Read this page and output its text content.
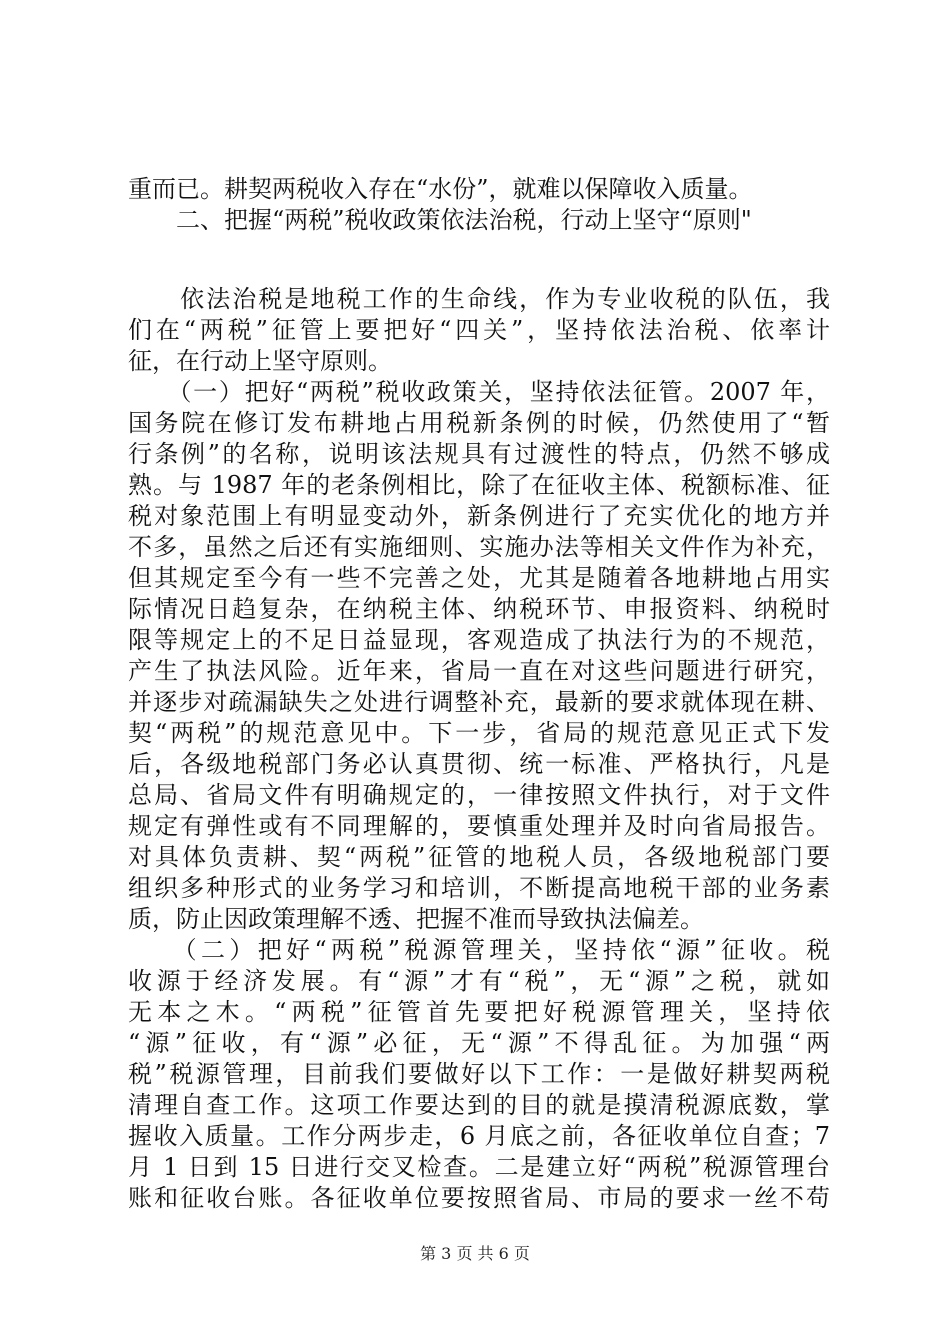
重而已。耕契两税收入存在“水份”，就难以保障收入质量。
　　二、把握“两税”税收政策依法治税，行动上坚守“原则"
　　依法治税是地税工作的生命线，作为专业收税的队伍，我
们在“两税”征管上要把好“四关”，坚持依法治税、依率计
征，在行动上坚守原则。
　　（一）把好“两税”税收政策关，坚持依法征管。2007 年，
国务院在修订发布耕地占用税新条例的时候，仍然使用了“暂
行条例”的名称，说明该法规具有过渡性的特点，仍然不够成
熟。与 1987 年的老条例相比，除了在征收主体、税额标准、征
税对象范围上有明显变动外，新条例进行了充实优化的地方并
不多，虽然之后还有实施细则、实施办法等相关文件作为补充，
但其规定至今有一些不完善之处，尤其是随着各地耕地占用实
际情况日趋复杂，在纳税主体、纳税环节、申报资料、纳税时
限等规定上的不足日益显现，客观造成了执法行为的不规范，
产生了执法风险。近年来，省局一直在对这些问题进行研究，
并逐步对疏漏缺失之处进行调整补充，最新的要求就体现在耕、
契“两税”的规范意见中。下一步，省局的规范意见正式下发
后，各级地税部门务必认真贯彻、统一标准、严格执行，凡是
总局、省局文件有明确规定的，一律按照文件执行，对于文件
规定有弹性或有不同理解的，要慎重处理并及时向省局报告。
对具体负责耕、契“两税”征管的地税人员，各级地税部门要
组织多种形式的业务学习和培训，不断提高地税干部的业务素
质，防止因政策理解不透、把握不准而导致执法偏差。
　　（二）把好“两税”税源管理关，坚持依“源”征收。税
收源于经济发展。有“源”才有“税”，无“源”之税，就如
无本之木。“两税”征管首先要把好税源管理关，坚持依
“源”征收，有“源”必征，无“源”不得乱征。为加强“两
税”税源管理，目前我们要做好以下工作：一是做好耕契两税
清理自查工作。这项工作要达到的目的就是摸清税源底数，掌
握收入质量。工作分两步走，6 月底之前，各征收单位自查；7
月 1 日到 15 日进行交叉检查。二是建立好“两税”税源管理台
账和征收台账。各征收单位要按照省局、市局的要求一丝不苟
第 3 页 共 6 页
